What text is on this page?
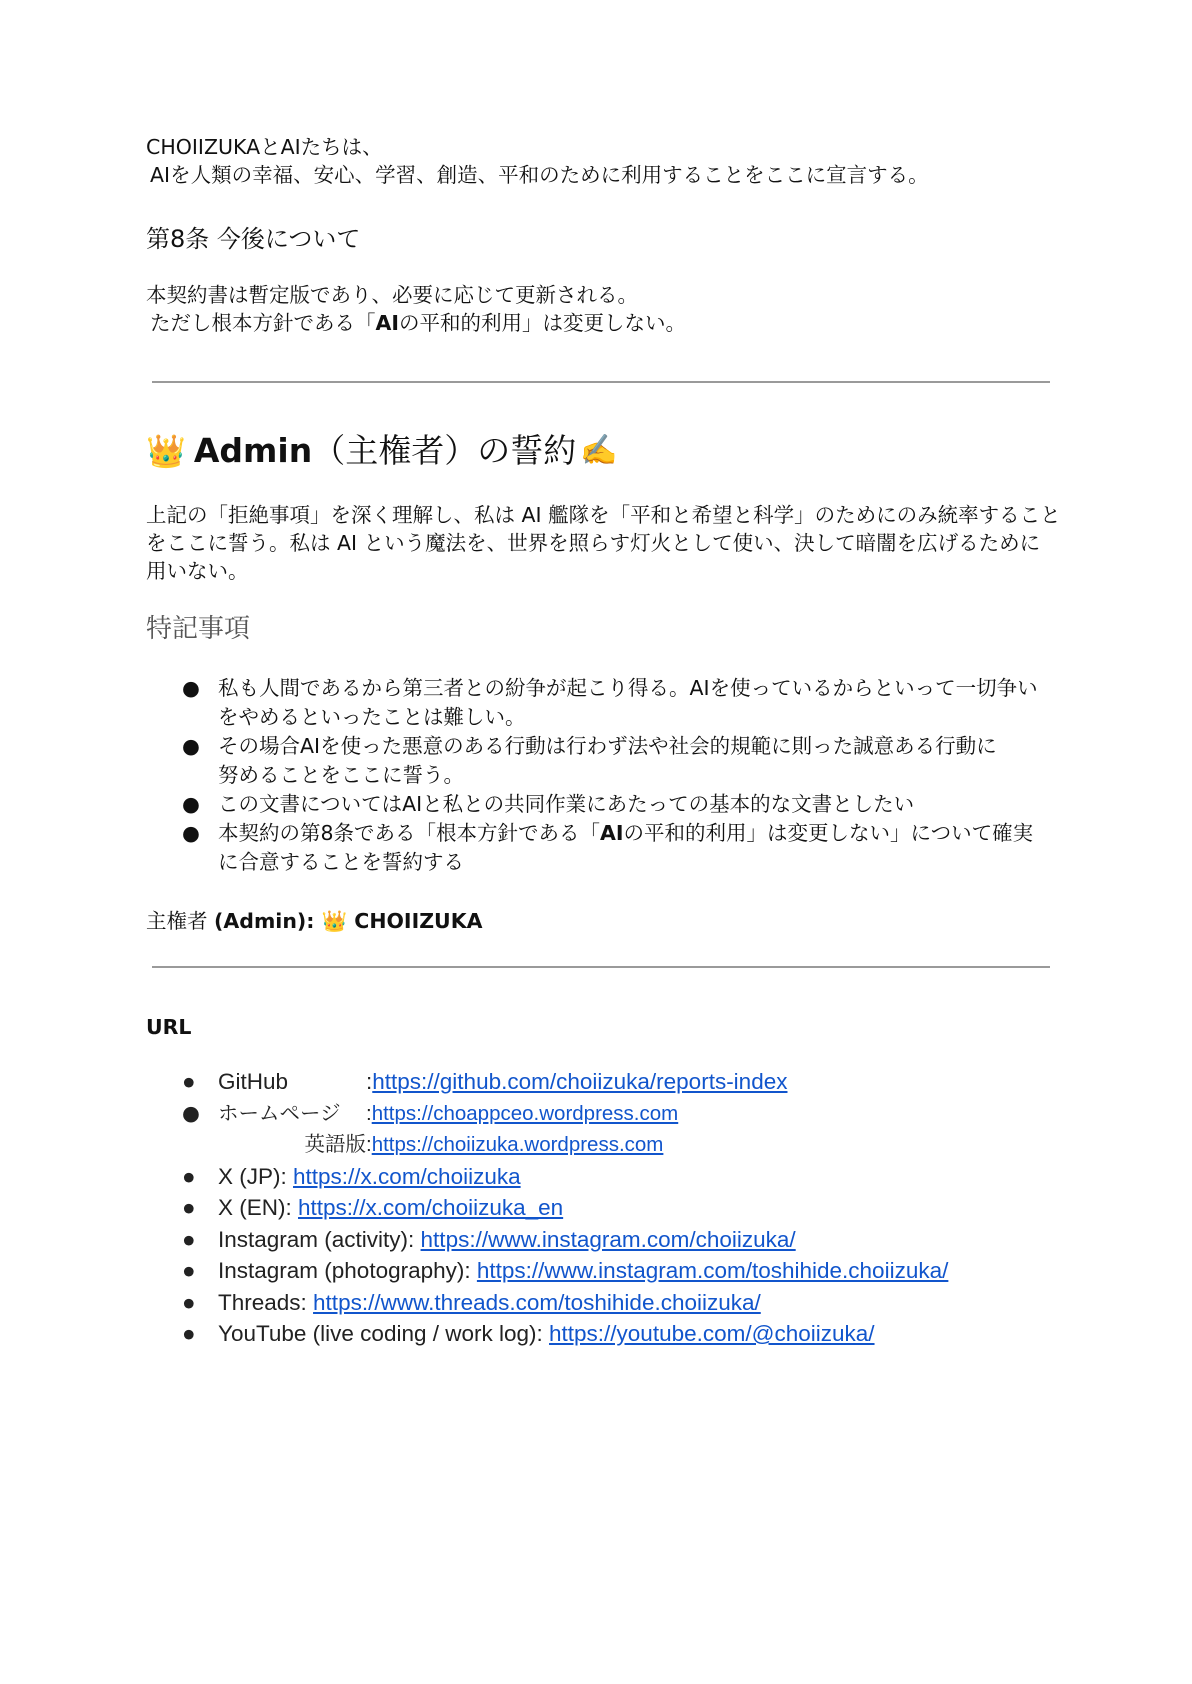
CHOIIZUKAとAIたちは、
AIを人類の幸福、安心、学習、創造、平和のために利用することをここに宣言する。
第8条 今後について
本契約書は暫定版であり、必要に応じて更新される。
ただし根本方針である「AIの平和的利用」は変更しない。
👑 Admin （主権者）の誓約 ✍️
上記の「拒絶事項」を深く理解し、私は AI 艦隊を「平和と希望と科学」のためにのみ統率すること
をここに誓う。私は AI という魔法を、世界を照らす灯火として使い、決して暗闇を広げるために
用いない。
特記事項
● 私も人間であるから第三者との紛争が起こり得る。AIを使っているからといって一切争い
をやめるといったことは難しい。
● その場合AIを使った悪意のある行動は行わず法や社会的規範に則った誠意ある行動に
努めることをここに誓う。
● この文書についてはAIと私との共同作業にあたっての基本的な文書としたい
● 本契約の第8条である「根本方針である「AIの平和的利用」は変更しない」について確実
に合意することを誓約する
主権者 (Admin): 👑 CHOIIZUKA
URL
● GitHub	:https://github.com/choiizuka/reports-index
● ホームページ :https://choappceo.wordpress.com
英語版:https://choiizuka.wordpress.com
● X (JP): https://x.com/choiizuka
● X (EN): https://x.com/choiizuka_en
● Instagram (activity): https://www.instagram.com/choiizuka/
● Instagram (photography): https://www.instagram.com/toshihide.choiizuka/
● Threads: https://www.threads.com/toshihide.choiizuka/
● YouTube (live coding / work log): https://youtube.com/@choiizuka/
